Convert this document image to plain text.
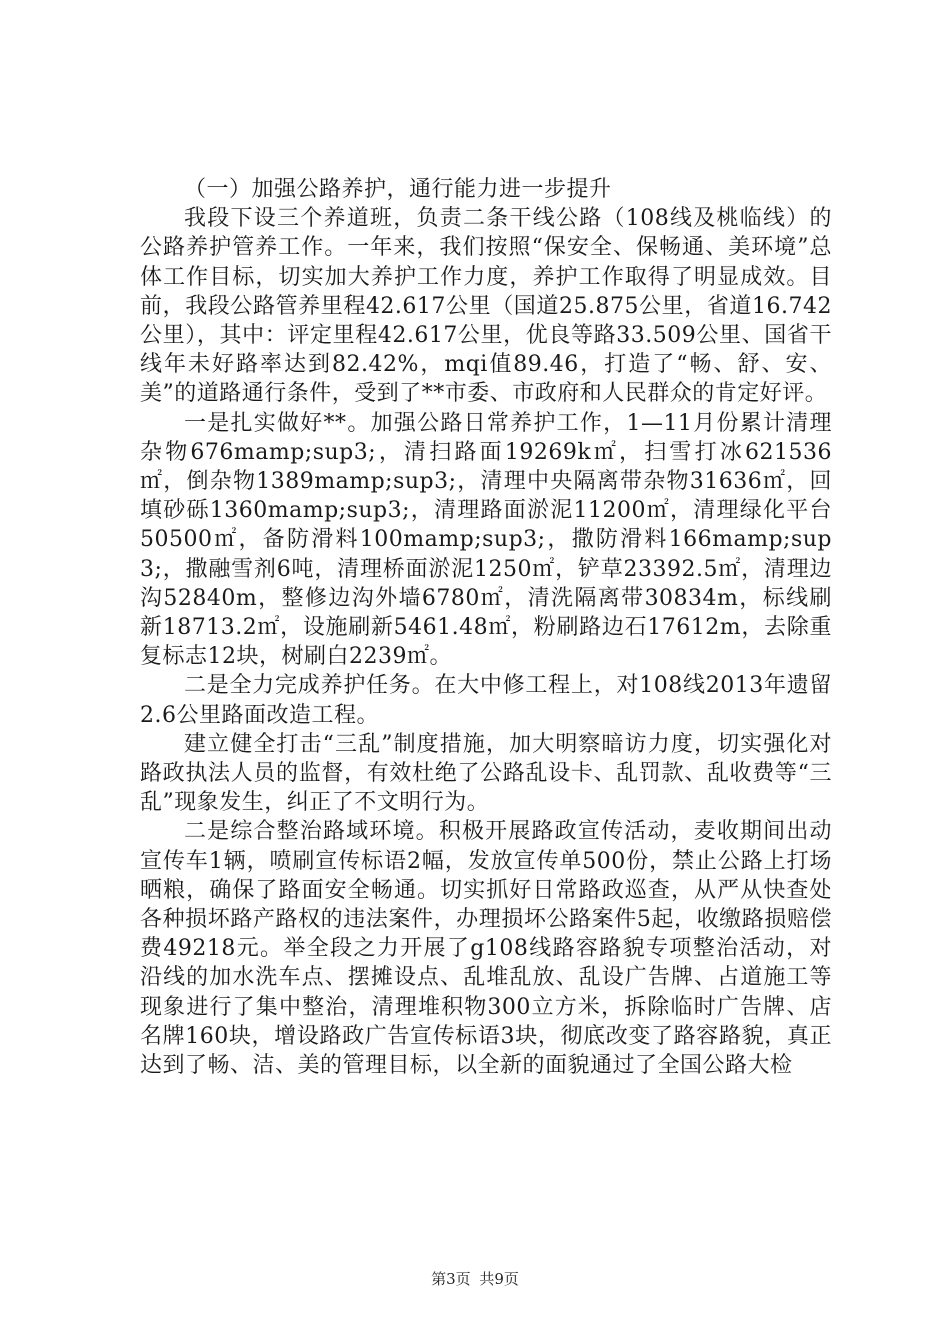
（一）加强公路养护，通行能力进一步提升

我段下设三个养道班，负责二条干线公路（108线及桃临线）的公路养护管养工作。一年来，我们按照“保安全、保畅通、美环境”总体工作目标，切实加大养护工作力度，养护工作取得了明显成效。目前，我段公路管养里程42.617公里（国道25.875公里，省道16.742公里），其中：评定里程42.617公里，优良等路33.509公里、国省干线年未好路率达到82.42%，mqi值89.46，打造了“畅、舒、安、美”的道路通行条件，受到了**市委、市政府和人民群众的肯定好评。

一是扎实做好**。加强公路日常养护工作，1—11月份累计清理杂物676mamp;sup3;，清扫路面19269k㎡，扫雪打冰621536㎡，倒杂物1389mamp;sup3;，清理中央隔离带杂物31636㎡，回填砂砾1360mamp;sup3;，清理路面淤泥11200㎡，清理绿化平台50500㎡，备防滑料100mamp;sup3;，撒防滑料166mamp;sup3;，撒融雪剂6吨，清理桥面淤泥1250㎡，铲草23392.5㎡，清理边沟52840m，整修边沟外墙6780㎡，清洗隔离带30834m，标线刷新18713.2㎡，设施刷新5461.48㎡，粉刷路边石17612m，去除重复标志12块，树刷白2239㎡。

二是全力完成养护任务。在大中修工程上，对108线2013年遗留2.6公里路面改造工程。

建立健全打击“三乱”制度措施，加大明察暗访力度，切实强化对路政执法人员的监督，有效杜绝了公路乱设卡、乱罚款、乱收费等“三乱”现象发生，纠正了不文明行为。

二是综合整治路域环境。积极开展路政宣传活动，麦收期间出动宣传车1辆，喷刷宣传标语2幅，发放宣传单500份，禁止公路上打场晒粮，确保了路面安全畅通。切实抓好日常路政巡查，从严从快查处各种损坏路产路权的违法案件，办理损坏公路案件5起，收缴路损赔偿费49218元。举全段之力开展了g108线路容路貌专项整治活动，对沿线的加水洗车点、摆摊设点、乱堆乱放、乱设广告牌、占道施工等现象进行了集中整治，清理堆积物300立方米，拆除临时广告牌、店名牌160块，增设路政广告宣传标语3块，彻底改变了路容路貌，真正达到了畅、洁、美的管理目标，以全新的面貌通过了全国公路大检

第3页 共9页
